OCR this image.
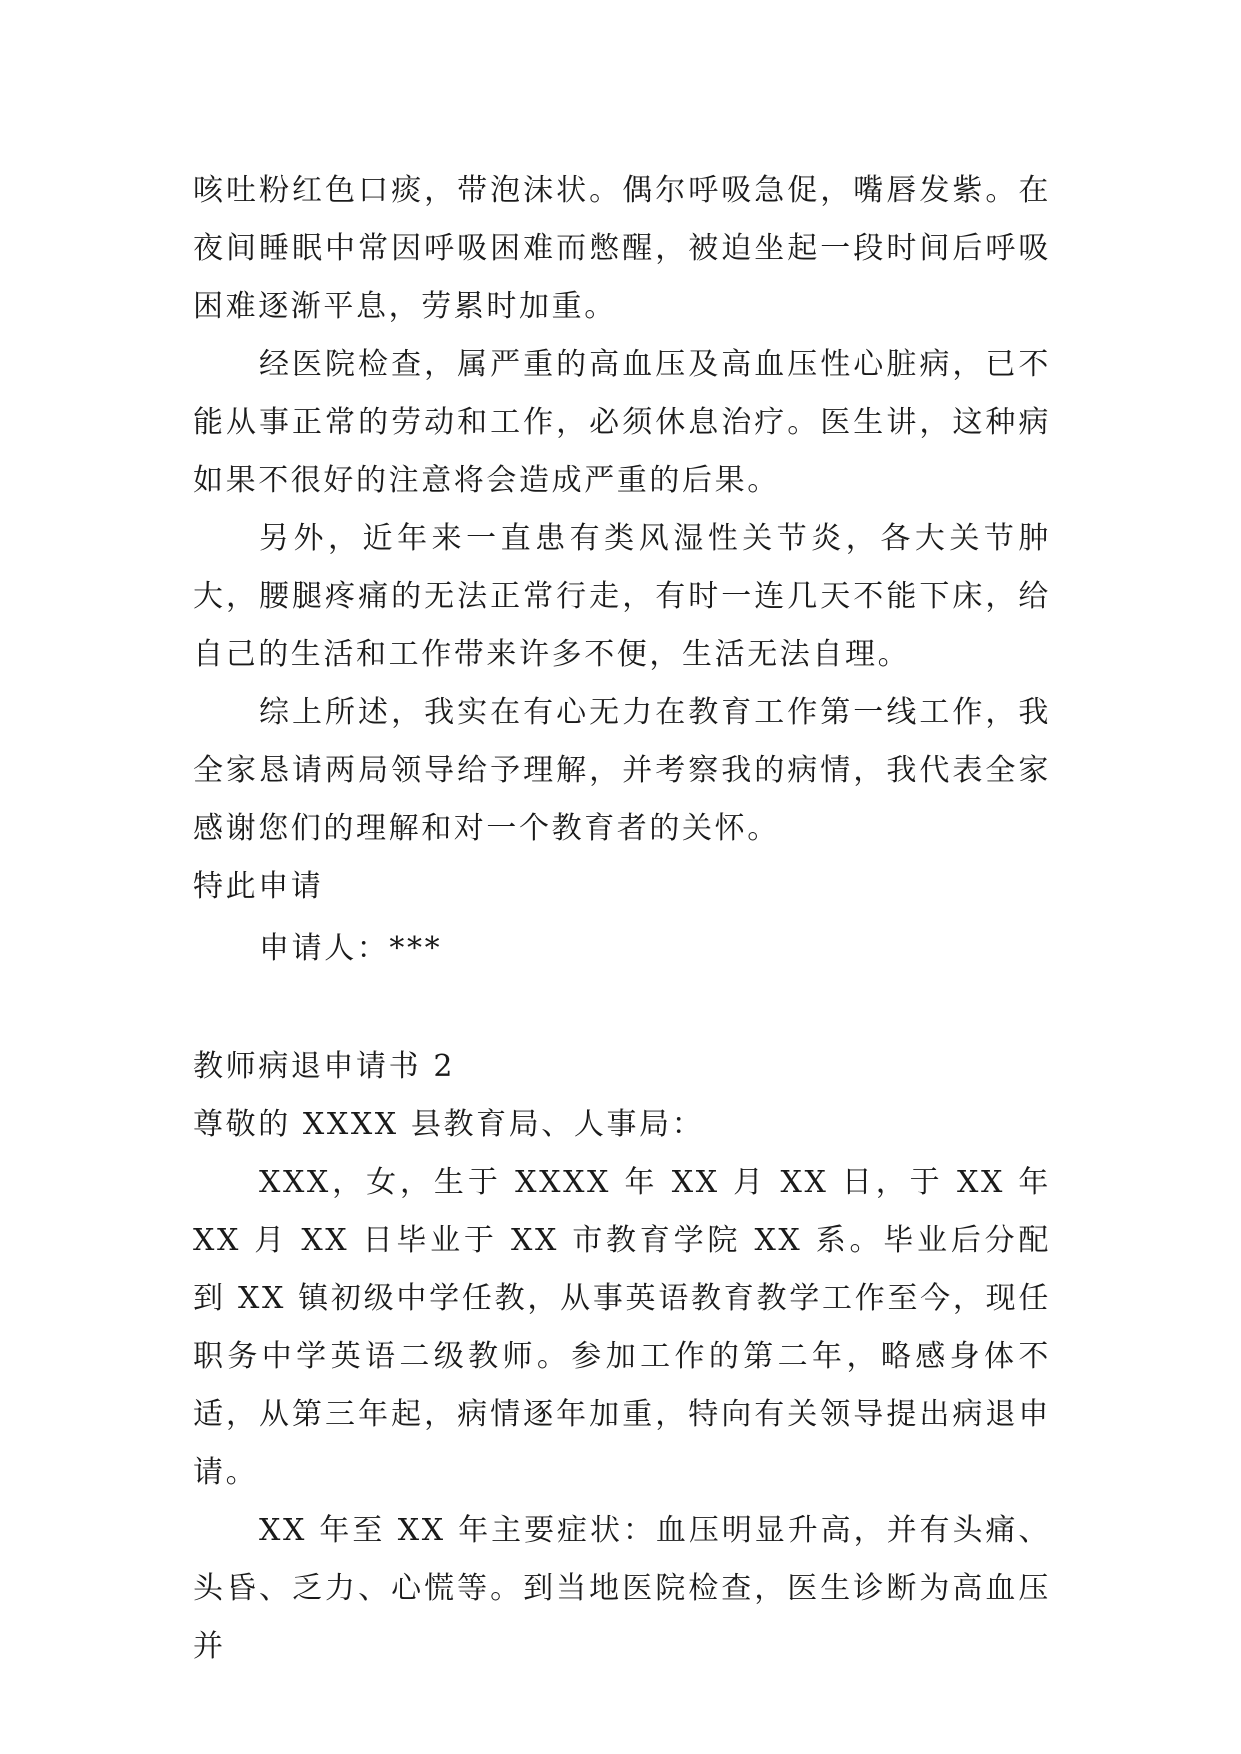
咳吐粉红色口痰，带泡沫状。偶尔呼吸急促，嘴唇发紫。在夜间睡眠中常因呼吸困难而憋醒，被迫坐起一段时间后呼吸困难逐渐平息，劳累时加重。

经医院检查，属严重的高血压及高血压性心脏病，已不能从事正常的劳动和工作，必须休息治疗。医生讲，这种病如果不很好的注意将会造成严重的后果。

另外，近年来一直患有类风湿性关节炎，各大关节肿大，腰腿疼痛的无法正常行走，有时一连几天不能下床，给自己的生活和工作带来许多不便，生活无法自理。

综上所述，我实在有心无力在教育工作第一线工作，我全家恳请两局领导给予理解，并考察我的病情，我代表全家感谢您们的理解和对一个教育者的关怀。

特此申请

申请人：***

教师病退申请书 2

尊敬的 XXXX 县教育局、人事局：

XXX，女，生于 XXXX 年 XX 月 XX 日，于 XX 年 XX 月 XX 日毕业于 XX 市教育学院 XX 系。毕业后分配到 XX 镇初级中学任教，从事英语教育教学工作至今，现任职务中学英语二级教师。参加工作的第二年，略感身体不适，从第三年起，病情逐年加重，特向有关领导提出病退申请。

XX 年至 XX 年主要症状：血压明显升高，并有头痛、头昏、乏力、心慌等。到当地医院检查，医生诊断为高血压并
